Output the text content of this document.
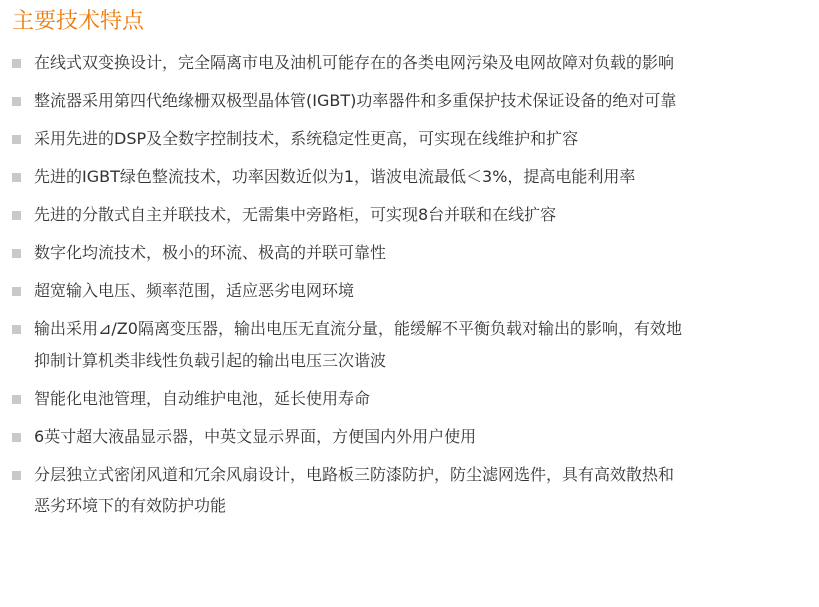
主要技术特点
在线式双变换设计，完全隔离市电及油机可能存在的各类电网污染及电网故障对负载的影响
整流器采用第四代绝缘栅双极型晶体管(IGBT)功率器件和多重保护技术保证设备的绝对可靠
采用先进的DSP及全数字控制技术，系统稳定性更高，可实现在线维护和扩容
先进的IGBT绿色整流技术，功率因数近似为1，谐波电流最低＜3%，提高电能利用率
先进的分散式自主并联技术，无需集中旁路柜，可实现8台并联和在线扩容
数字化均流技术，极小的环流、极高的并联可靠性
超宽输入电压、频率范围，适应恶劣电网环境
输出采用⊿/Z0隔离变压器，输出电压无直流分量，能缓解不平衡负载对输出的影响，有效地抑制计算机类非线性负载引起的输出电压三次谐波
智能化电池管理，自动维护电池，延长使用寿命
6英寸超大液晶显示器，中英文显示界面，方便国内外用户使用
分层独立式密闭风道和冗余风扇设计，电路板三防漆防护，防尘滤网选件，具有高效散热和恶劣环境下的有效防护功能
